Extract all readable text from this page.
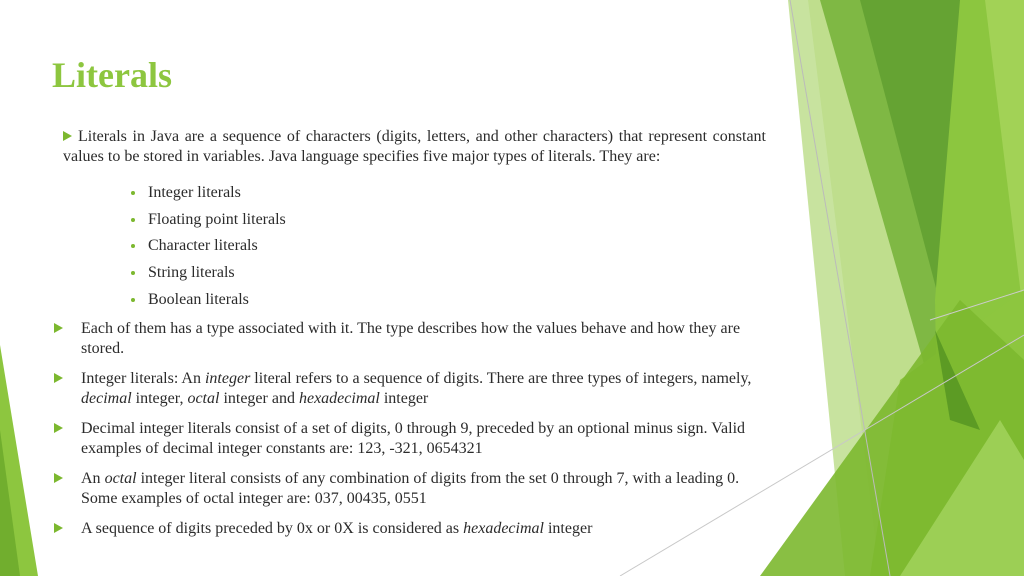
Literals

Literals in Java are a sequence of characters (digits, letters, and other characters) that represent constant values to be stored in variables. Java language specifies five major types of literals. They are:

Integer literals
Floating point literals
Character literals
String literals
Boolean literals

Each of them has a type associated with it. The type describes how the values behave and how they are stored.

Integer literals: An integer literal refers to a sequence of digits. There are three types of integers, namely, decimal integer, octal integer and hexadecimal integer

Decimal integer literals consist of a set of digits, 0 through 9, preceded by an optional minus sign. Valid examples of decimal integer constants are: 123, -321, 0654321

An octal integer literal consists of any combination of digits from the set 0 through 7, with a leading 0. Some examples of octal integer are: 037, 00435, 0551

A sequence of digits preceded by 0x or 0X is considered as hexadecimal integer
